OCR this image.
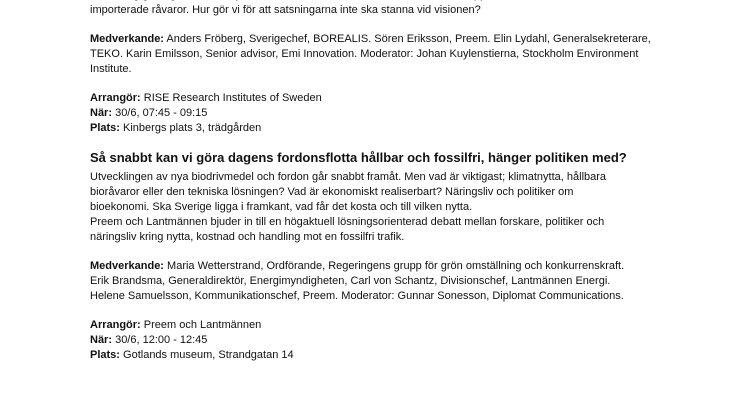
importerade råvaror. Hur gör vi för att satsningarna inte ska stanna vid visionen?

Medverkande: Anders Fröberg, Sverigechef, BOREALIS. Sören Eriksson, Preem. Elin Lydahl, Generalsekreterare,

TEKO. Karin Emilsson, Senior advisor, Emi Innovation. Moderator: Johan Kuylenstierna, Stockholm Environment

Institute.

Arrangör: RISE Research Institutes of Sweden

När: 30/6, 07:45 - 09:15

Plats: Kinbergs plats 3, trädgården

Så snabbt kan vi göra dagens fordonsflotta hållbar och fossilfri, hänger politiken med?

Utvecklingen av nya biodrivmedel och fordon går snabbt framåt. Men vad är viktigast; klimatnytta, hållbara

bioråvaror eller den tekniska lösningen? Vad är ekonomiskt realiserbart? Näringsliv och politiker om

bioekonomi. Ska Sverige ligga i framkant, vad får det kosta och till vilken nytta.

Preem och Lantmännen bjuder in till en högaktuell lösningsorienterad debatt mellan forskare, politiker och

näringsliv kring nytta, kostnad och handling mot en fossilfri trafik.

Medverkande: Maria Wetterstrand, Ordförande, Regeringens grupp för grön omställning och konkurrenskraft.

Erik Brandsma, Generaldirektör, Energimyndigheten, Carl von Schantz, Divisionschef, Lantmännen Energi.

Helene Samuelsson, Kommunikationschef, Preem. Moderator: Gunnar Sonesson, Diplomat Communications.

Arrangör: Preem och Lantmännen

När: 30/6, 12:00 - 12:45

Plats: Gotlands museum, Strandgatan 14
